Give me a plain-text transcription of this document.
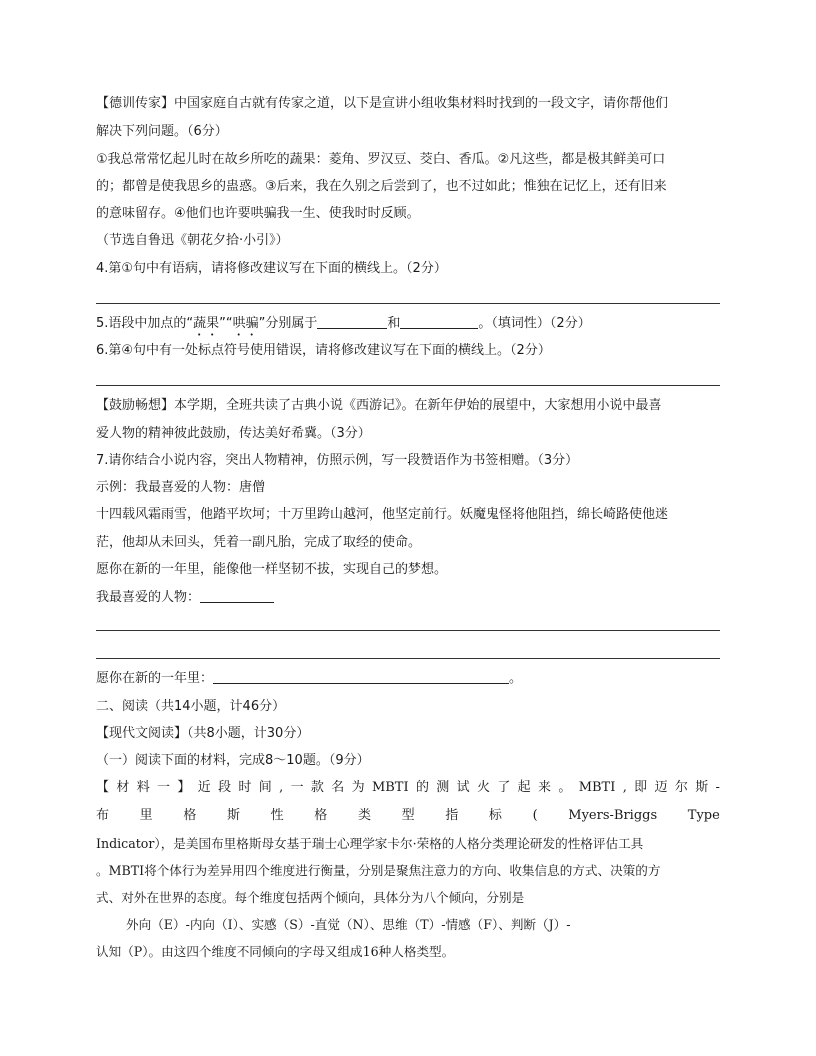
【德训传家】中国家庭自古就有传家之道，以下是宣讲小组收集材料时找到的一段文字，请你帮他们
解决下列问题。（6分）
①我总常常忆起儿时在故乡所吃的蔬果：菱角、罗汉豆、茭白、香瓜。②凡这些，都是极其鲜美可口
的；都曾是使我思乡的蛊惑。③后来，我在久别之后尝到了，也不过如此；惟独在记忆上，还有旧来
的意味留存。④他们也许要哄骗我一生、使我时时反顾。
（节选自鲁迅《朝花夕拾·小引》）
4.第①句中有语病，请将修改建议写在下面的横线上。（2分）
5.语段中加点的“蔬果”“哄骗”分别属于	和	。（填词性）（2分）
6.第④句中有一处标点符号使用错误，请将修改建议写在下面的横线上。（2分）
【鼓励畅想】本学期，全班共读了古典小说《西游记》。在新年伊始的展望中，大家想用小说中最喜
爱人物的精神彼此鼓励，传达美好希冀。（3分）
7.请你结合小说内容，突出人物精神，仿照示例，写一段赞语作为书签相赠。（3分）
示例：我最喜爱的人物：唐僧
十四载风霜雨雪，他踏平坎坷；十万里跨山越河，他坚定前行。妖魔鬼怪将他阻挡，绵长崎路使他迷
茫，他却从未回头，凭着一副凡胎，完成了取经的使命。
愿你在新的一年里，能像他一样坚韧不拔，实现自己的梦想。
我最喜爱的人物：
愿你在新的一年里：	。
二、阅读（共14小题，计46分）
【现代文阅读】（共8小题，计30分）
（一）阅读下面的材料，完成8～10题。（9分）
【 材 料 一 】 近 段 时 间 , 一 款 名 为 MBTI 的 测 试 火 了 起 来 。 MBTI , 即 迈 尔 斯 -
布 里 格 斯 性 格 类 型 指 标 ( Myers-Briggs Type
Indicator），是美国布里格斯母女基于瑞士心理学家卡尔·荣格的人格分类理论研发的性格评估工具
。MBTI将个体行为差异用四个维度进行衡量，分别是聚焦注意力的方向、收集信息的方式、决策的方
式、对外在世界的态度。每个维度包括两个倾向，具体分为八个倾向，分别是
外向（E）-内向（I）、实感（S）-直觉（N）、思维（T）-情感（F）、判断（J）-
认知（P）。由这四个维度不同倾向的字母又组成16种人格类型。
